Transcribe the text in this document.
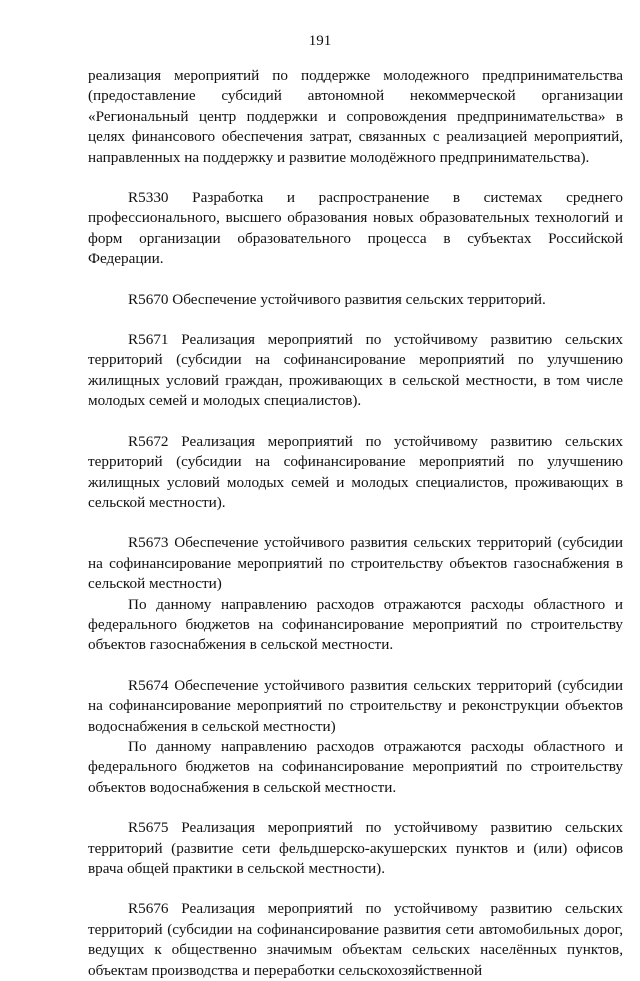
191

реализация мероприятий по поддержке молодежного предпринимательства (предоставление субсидий автономной некоммерческой организации «Региональный центр поддержки и сопровождения предпринимательства» в целях финансового обеспечения затрат, связанных с реализацией мероприятий, направленных на поддержку и развитие молодёжного предпринимательства).

R5330 Разработка и распространение в системах среднего профессионального, высшего образования новых образовательных технологий и форм организации образовательного процесса в субъектах Российской Федерации.

R5670 Обеспечение устойчивого развития сельских территорий.

R5671 Реализация мероприятий по устойчивому развитию сельских территорий (субсидии на софинансирование мероприятий по улучшению жилищных условий граждан, проживающих в сельской местности, в том числе молодых семей и молодых специалистов).

R5672 Реализация мероприятий по устойчивому развитию сельских территорий (субсидии на софинансирование мероприятий по улучшению жилищных условий молодых семей и молодых специалистов, проживающих в сельской местности).

R5673 Обеспечение устойчивого развития сельских территорий (субсидии на софинансирование мероприятий по строительству объектов газоснабжения в сельской местности)

По данному направлению расходов отражаются расходы областного и федерального бюджетов на софинансирование мероприятий по строительству объектов газоснабжения в сельской местности.

R5674 Обеспечение устойчивого развития сельских территорий (субсидии на софинансирование мероприятий по строительству и реконструкции объектов водоснабжения в сельской местности)

По данному направлению расходов отражаются расходы областного и федерального бюджетов на софинансирование мероприятий по строительству объектов водоснабжения в сельской местности.

R5675 Реализация мероприятий по устойчивому развитию сельских территорий (развитие сети фельдшерско-акушерских пунктов и (или) офисов врача общей практики в сельской местности).

R5676 Реализация мероприятий по устойчивому развитию сельских территорий (субсидии на софинансирование развития сети автомобильных дорог, ведущих к общественно значимым объектам сельских населённых пунктов, объектам производства и переработки сельскохозяйственной
